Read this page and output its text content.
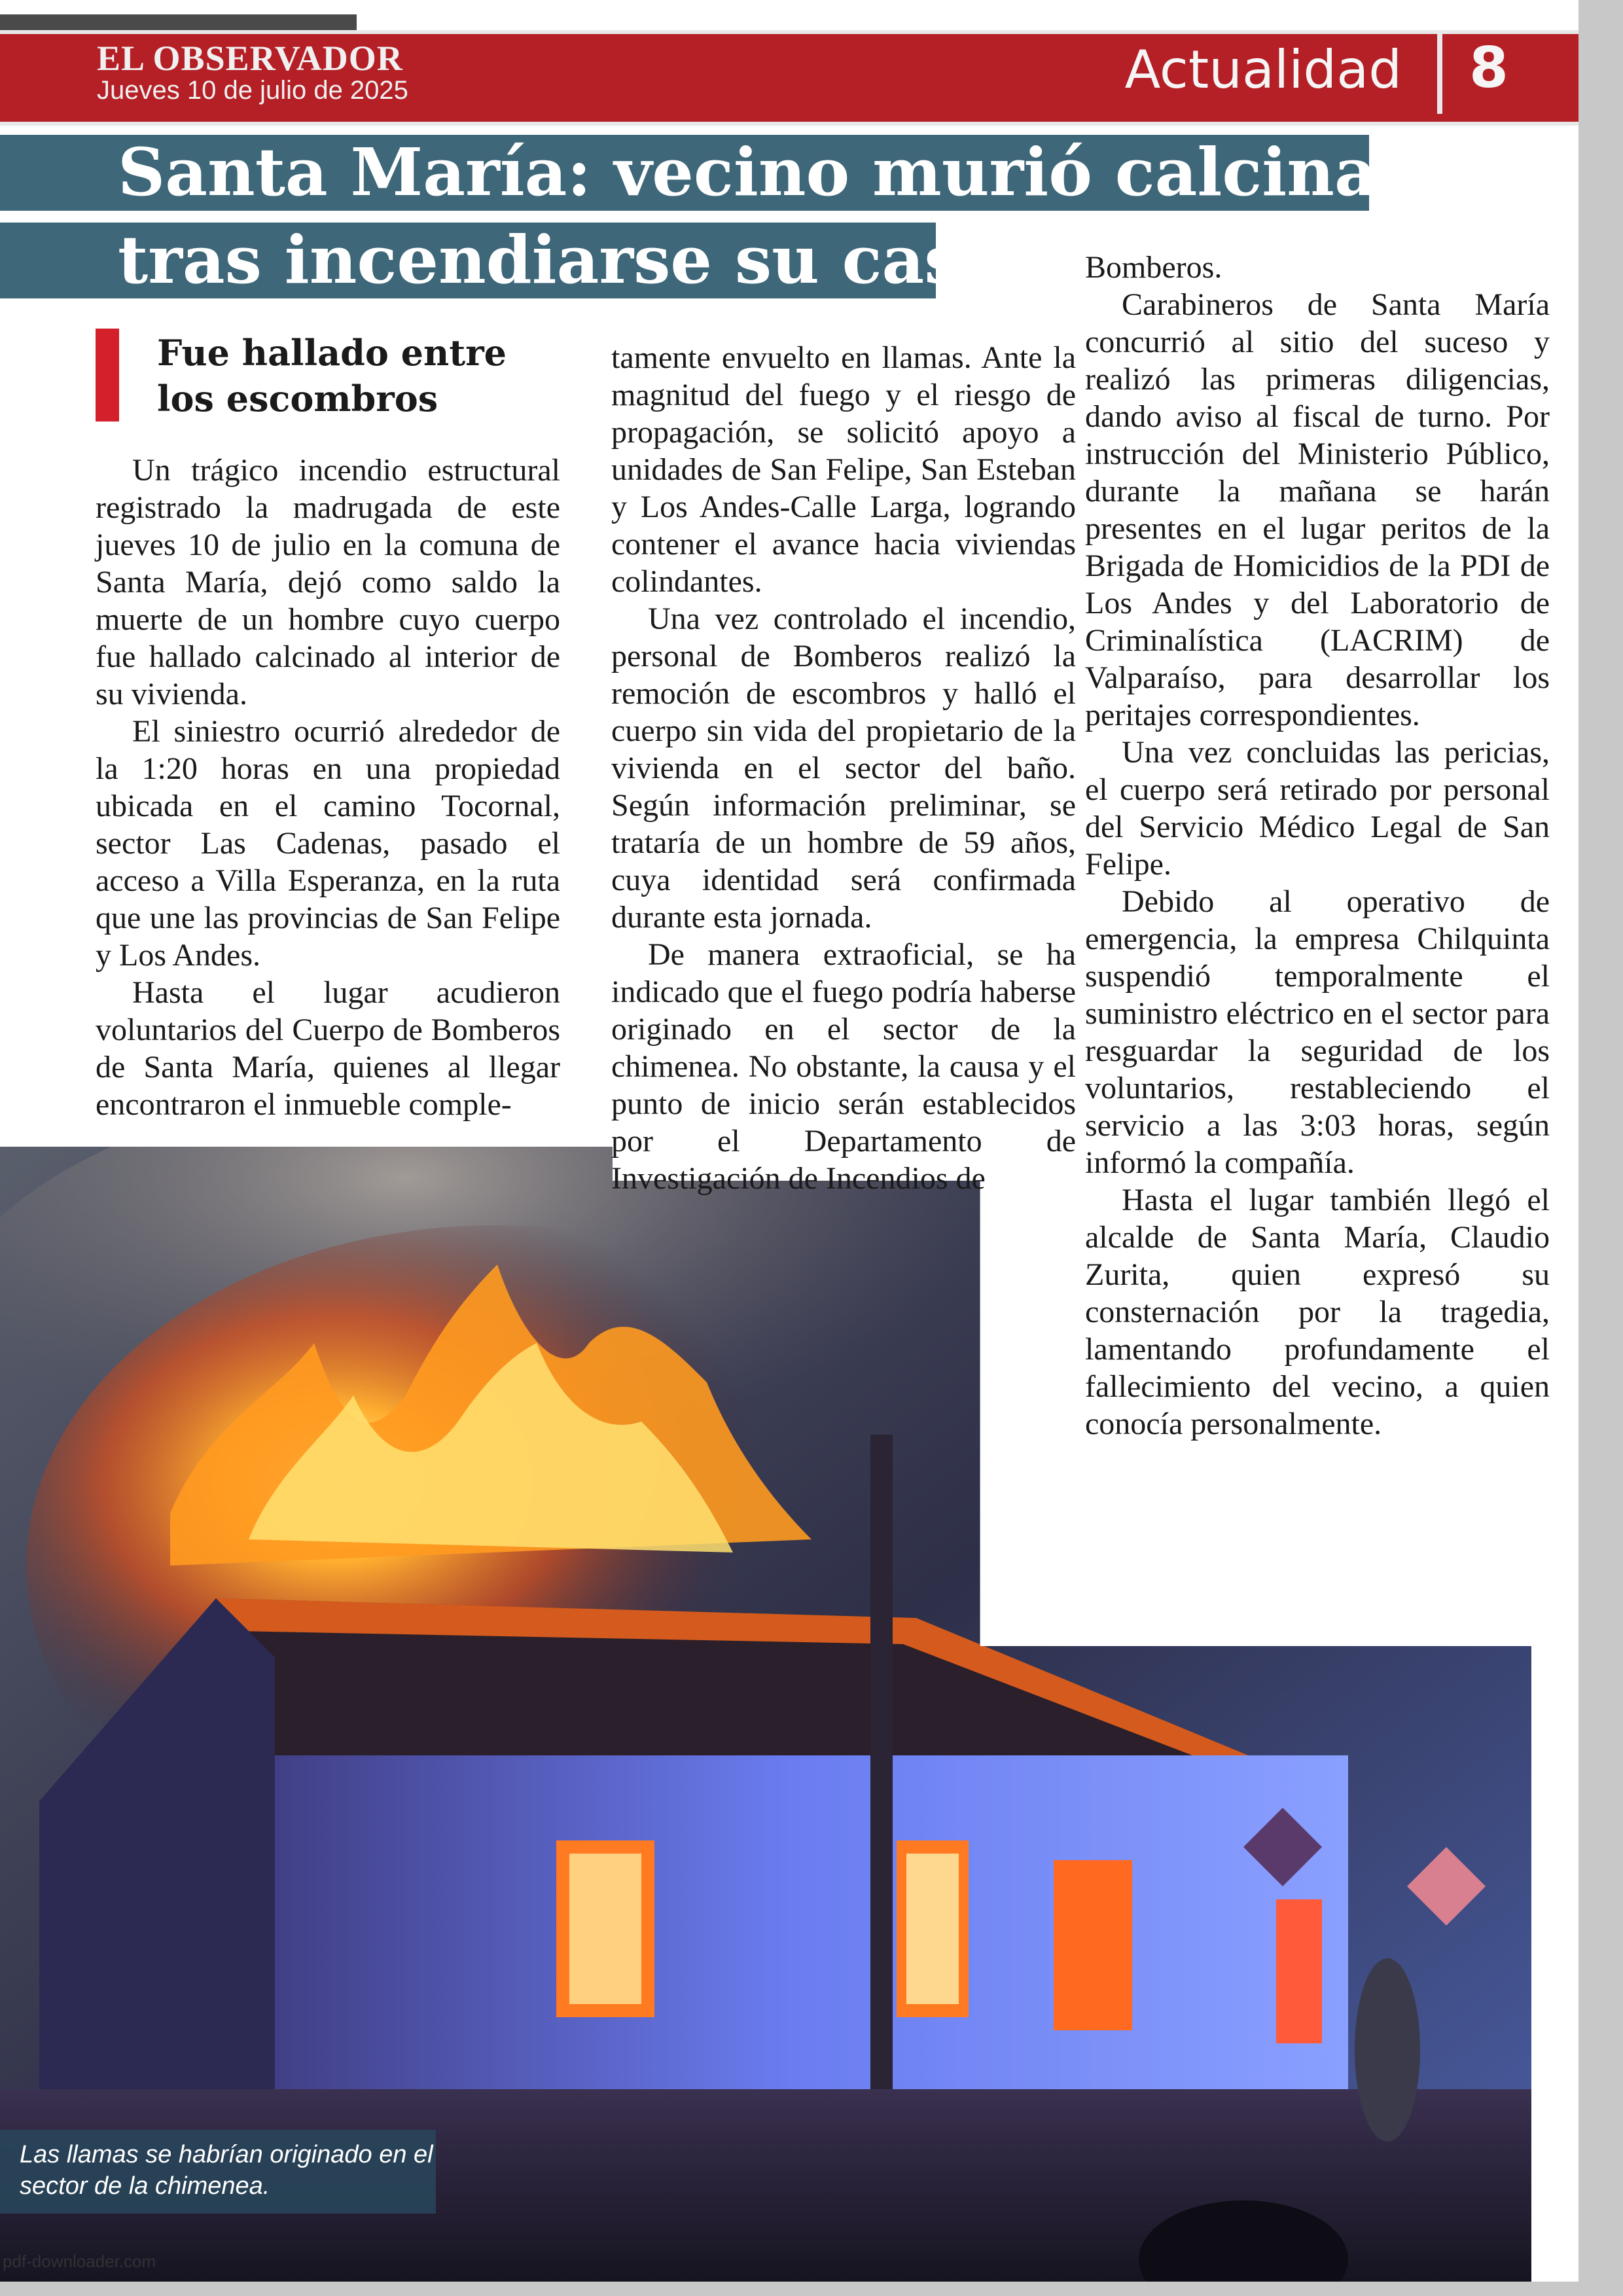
EL OBSERVADOR
Jueves 10 de julio de 2025	Actualidad 8
Santa María: vecino murió calcinado
tras incendiarse su casa
Fue hallado entre
los escombros

Un trágico incendio estructural registrado la madrugada de este jueves 10 de julio en la comuna de Santa María, dejó como saldo la muerte de un hombre cuyo cuerpo fue hallado calcinado al interior de su vivienda.

El siniestro ocurrió alrededor de la 1:20 horas en una propiedad ubicada en el camino Tocornal, sector Las Cadenas, pasado el acceso a Villa Esperanza, en la ruta que une las provincias de San Felipe y Los Andes.

Hasta el lugar acudieron voluntarios del Cuerpo de Bomberos de Santa María, quienes al llegar encontraron el inmueble comple-

tamente envuelto en llamas. Ante la magnitud del fuego y el riesgo de propagación, se solicitó apoyo a unidades de San Felipe, San Esteban y Los Andes-Calle Larga, logrando contener el avance hacia viviendas colindantes.

Una vez controlado el incendio, personal de Bomberos realizó la remoción de escombros y halló el cuerpo sin vida del propietario de la vivienda en el sector del baño. Según información preliminar, se trataría de un hombre de 59 años, cuya identidad será confirmada durante esta jornada.

De manera extraoficial, se ha indicado que el fuego podría haberse originado en el sector de la chimenea. No obstante, la causa y el punto de inicio serán establecidos por el Departamento de Investigación de Incendios de

Bomberos.

Carabineros de Santa María concurrió al sitio del suceso y realizó las primeras diligencias, dando aviso al fiscal de turno. Por instrucción del Ministerio Público, durante la mañana se harán presentes en el lugar peritos de la Brigada de Homicidios de la PDI de Los Andes y del Laboratorio de Criminalística (LACRIM) de Valparaíso, para desarrollar los peritajes correspondientes.

Una vez concluidas las pericias, el cuerpo será retirado por personal del Servicio Médico Legal de San Felipe.

Debido al operativo de emergencia, la empresa Chilquinta suspendió temporalmente el suministro eléctrico en el sector para resguardar la seguridad de los voluntarios, restableciendo el servicio a las 3:03 horas, según informó la compañía.

Hasta el lugar también llegó el alcalde de Santa María, Claudio Zurita, quien expresó su consternación por la tragedia, lamentando profundamente el fallecimiento del vecino, a quien conocía personalmente.

Las llamas se habrían originado en el sector de la chimenea.
pdf-downloader.com
